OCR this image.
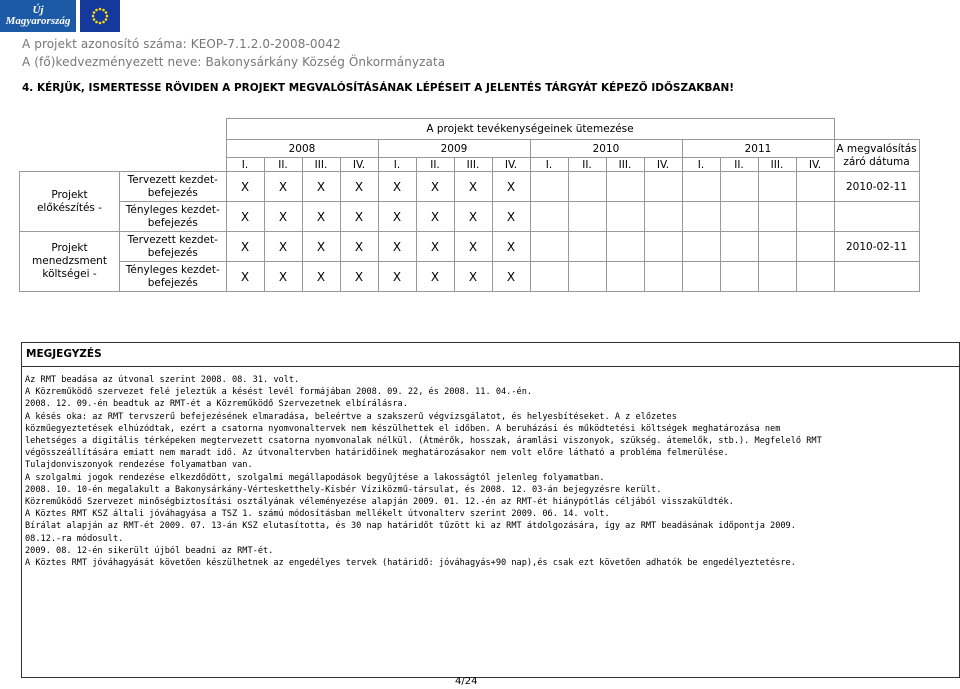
Új Magyarország
A projekt azonosító száma: KEOP-7.1.2.0-2008-0042
A (fő)kedvezményezett neve: Bakonysárkány Község Önkormányzata
4. KÉRJÜK, ISMERTESSE RÖVIDEN A PROJEKT MEGVALÓSÍTÁSÁNAK LÉPÉSEIT A JELENTÉS TÁRGYÁT KÉPEZŐ IDŐSZAKBAN!
		A projekt tevékenységeinek ütemezése																
		2008				2009				2010				2011				A megvalósítás záró dátuma
		I.	II.	III.	IV.	I.	II.	III.	IV.	I.	II.	III.	IV.	I.	II.	III.	IV.	
Projekt előkészítés -	Tervezett kezdet-befejezés	X	X	X	X	X	X	X	X									2010-02-11
	Tényleges kezdet-befejezés	X	X	X	X	X	X	X	X									
Projekt menedzsment költségei -	Tervezett kezdet-befejezés	X	X	X	X	X	X	X	X									2010-02-11
	Tényleges kezdet-befejezés	X	X	X	X	X	X	X	X									
MEGJEGYZÉS
Az RMT beadása az útvonal szerint 2008. 08. 31. volt.
A Közreműködő szervezet felé jeleztük a késést levél formájában 2008. 09. 22, és 2008. 11. 04.-én.
2008. 12. 09.-én beadtuk az RMT-ét a Közreműködő Szervezetnek elbírálásra.
A késés oka: az RMT tervszerű befejezésének elmaradása, beleértve a szakszerű végvizsgálatot, és helyesbítéseket. A z előzetes
közműegyeztetések elhúzódtak, ezért a csatorna nyomvonaltervek nem készülhettek el időben. A beruházási és működtetési költségek meghatározása nem
lehetséges a digitális térképeken megtervezett csatorna nyomvonalak nélkül. (Átmérők, hosszak, áramlási viszonyok, szükség. átemelők, stb.). Megfelelő RMT
végösszeállítására emiatt nem maradt idő. Az útvonaltervben határidőinek meghatározásakor nem volt előre látható a probléma felmerülése.
Tulajdonviszonyok rendezése folyamatban van.
A szolgalmi jogok rendezése elkezdődött, szolgalmi megállapodások begyűjtése a lakosságtól jelenleg folyamatban.
2008. 10. 10-én megalakult a Bakonysárkány-Vértesketthely-Kisbér Víziközmű-társulat, és 2008. 12. 03-án bejegyzésre került.
Közreműködő Szervezet minőségbiztosítási osztályának véleményezése alapján 2009. 01. 12.-én az RMT-ét hiánypótlás céljából visszaküldték.
A Köztes RMT KSZ általi jóváhagyása a TSZ 1. számú módosításban mellékelt útvonalterv szerint 2009. 06. 14. volt.
Bírálat alapján az RMT-ét 2009. 07. 13-án KSZ elutasította, és 30 nap határidőt tűzött ki az RMT átdolgozására, így az RMT beadásának időpontja 2009.
08.12.-ra módosult.
2009. 08. 12-én sikerült újból beadni az RMT-ét.
A Köztes RMT jóváhagyását követően készülhetnek az engedélyes tervek (határidő: jóváhagyás+90 nap),és csak ezt követően adhatók be engedélyeztetésre.
4/24
